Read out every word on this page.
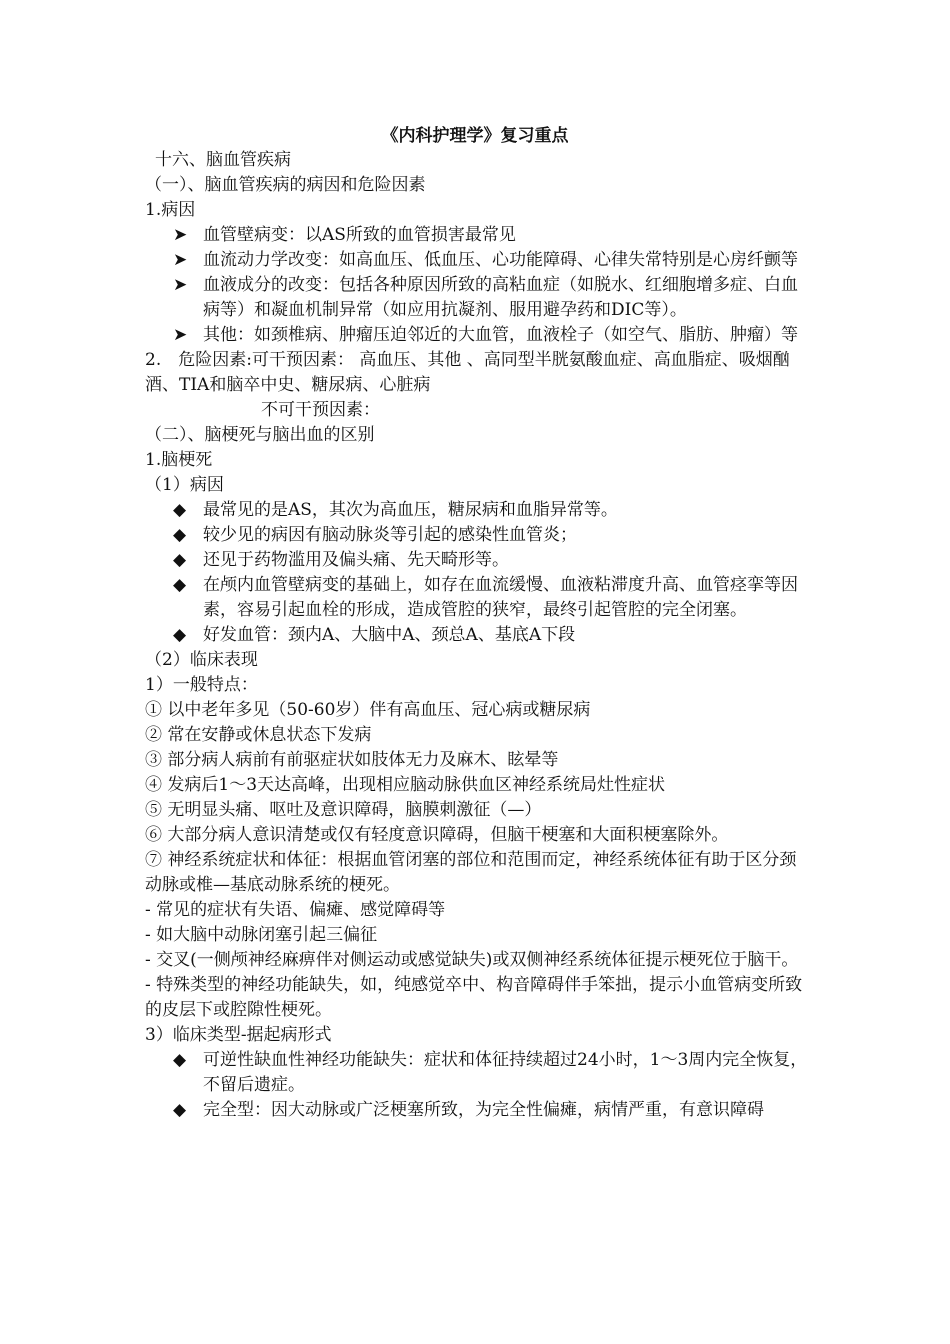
《内科护理学》复习重点

十六、脑血管疾病

（一）、脑血管疾病的病因和危险因素

1.病因

➤ 血管壁病变：以AS所致的血管损害最常见
➤ 血流动力学改变：如高血压、低血压、心功能障碍、心律失常特别是心房纤颤等
➤ 血液成分的改变：包括各种原因所致的高粘血症（如脱水、红细胞增多症、白血病等）和凝血机制异常（如应用抗凝剂、服用避孕药和DIC等）。
➤ 其他：如颈椎病、肿瘤压迫邻近的大血管，血液栓子（如空气、脂肪、肿瘤）等

2.　危险因素:可干预因素： 高血压、其他 、高同型半胱氨酸血症、高血脂症、吸烟酗酒、TIA和脑卒中史、糖尿病、心脏病

不可干预因素：

（二）、脑梗死与脑出血的区别

1.脑梗死

（1）病因

◆ 最常见的是AS，其次为高血压，糖尿病和血脂异常等。
◆ 较少见的病因有脑动脉炎等引起的感染性血管炎；
◆ 还见于药物滥用及偏头痛、先天畸形等。
◆ 在颅内血管壁病变的基础上，如存在血流缓慢、血液粘滞度升高、血管痉挛等因素，容易引起血栓的形成，造成管腔的狭窄，最终引起管腔的完全闭塞。
◆ 好发血管：颈内A、大脑中A、颈总A、基底A下段

（2）临床表现

1）一般特点：

① 以中老年多见（50-60岁）伴有高血压、冠心病或糖尿病

② 常在安静或休息状态下发病

③ 部分病人病前有前驱症状如肢体无力及麻木、眩晕等

④ 发病后1～3天达高峰，出现相应脑动脉供血区神经系统局灶性症状

⑤ 无明显头痛、呕吐及意识障碍，脑膜刺激征（—）

⑥ 大部分病人意识清楚或仅有轻度意识障碍，但脑干梗塞和大面积梗塞除外。

⑦ 神经系统症状和体征：根据血管闭塞的部位和范围而定，神经系统体征有助于区分颈动脉或椎—基底动脉系统的梗死。

- 常见的症状有失语、偏瘫、感觉障碍等

- 如大脑中动脉闭塞引起三偏征

- 交叉(一侧颅神经麻痹伴对侧运动或感觉缺失)或双侧神经系统体征提示梗死位于脑干。

- 特殊类型的神经功能缺失，如，纯感觉卒中、构音障碍伴手笨拙，提示小血管病变所致的皮层下或腔隙性梗死。

3）临床类型-据起病形式

◆ 可逆性缺血性神经功能缺失：症状和体征持续超过24小时，1～3周内完全恢复，不留后遗症。
◆ 完全型：因大动脉或广泛梗塞所致，为完全性偏瘫，病情严重，有意识障碍
